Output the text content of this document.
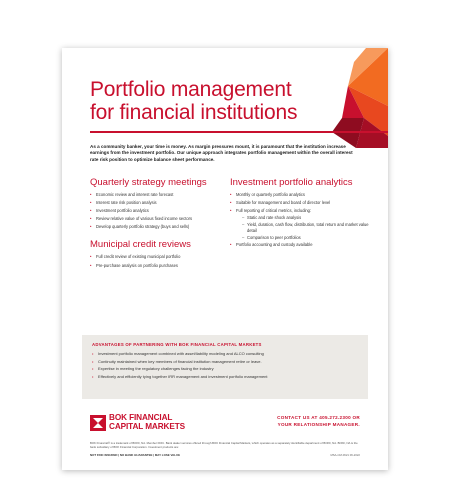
Portfolio management
for financial institutions

As a community banker, your time is money. As margin pressures mount, it is paramount that the institution increase earnings from the investment portfolio. Our unique approach integrates portfolio management within the overall interest rate risk position to optimize balance sheet performance.

Quarterly strategy meetings
• Economic review and interest rate forecast
• Interest rate risk position analysis
• Investment portfolio analytics
• Review relative value of various fixed income sectors
• Develop quarterly portfolio strategy (buys and sells)
Municipal credit reviews
• Full credit review of existing municipal portfolio
• Pre-purchase analysis on portfolio purchases
Investment portfolio analytics
• Monthly or quarterly portfolio analytics
• Suitable for management and board of director level
• Full reporting of critical metrics, including:
– Static and rate shock analysis
– Yield, duration, cash flow, distribution, total return and market value detail
– Comparison to peer portfolios
• Portfolio accounting and custody available
ADVANTAGES OF PARTNERING WITH BOK FINANCIAL CAPITAL MARKETS
• Investment portfolio management combined with asset/liability modeling and ALCO consulting
• Continuity maintained when key members of financial institution management retire or leave.
• Expertise in meeting the regulatory challenges facing the industry
• Effectively and efficiently tying together IRR management and investment portfolio management
BOK FINANCIAL
CAPITAL MARKETS
CONTACT US AT 405.272.2300 OR
YOUR RELATIONSHIP MANAGER.
BOK Financial® is a trademark of BOKF, NA. Member FDIC. Bank dealer services offered through BOK Financial Capital Markets, which operates as a separately identifiable department of BOKF, NA. BOKF, NA is the bank subsidiary of BOK Financial Corporation. Investment products are:
NOT FDIC INSURED | NO BANK GUARANTEE | MAY LOSE VALUE	MSA-CM-0621 06-2022
